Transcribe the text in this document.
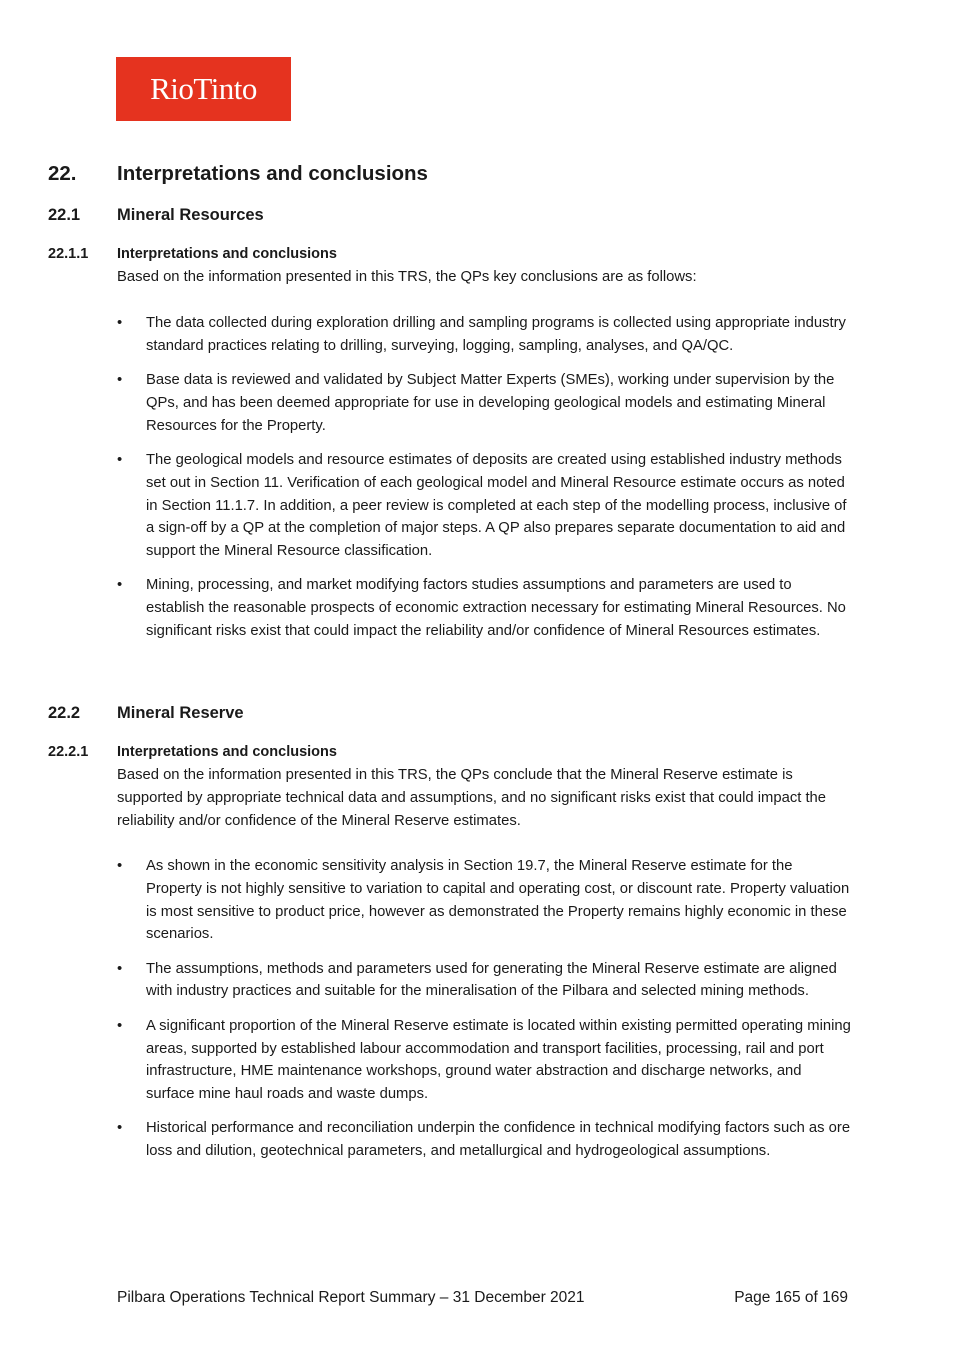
RioTinto
22. Interpretations and conclusions
22.1 Mineral Resources
22.1.1 Interpretations and conclusions

Based on the information presented in this TRS, the QPs key conclusions are as follows:

• The data collected during exploration drilling and sampling programs is collected using appropriate industry standard practices relating to drilling, surveying, logging, sampling, analyses, and QA/QC.
• Base data is reviewed and validated by Subject Matter Experts (SMEs), working under supervision by the QPs, and has been deemed appropriate for use in developing geological models and estimating Mineral Resources for the Property.
• The geological models and resource estimates of deposits are created using established industry methods set out in Section 11. Verification of each geological model and Mineral Resource estimate occurs as noted in Section 11.1.7. In addition, a peer review is completed at each step of the modelling process, inclusive of a sign-off by a QP at the completion of major steps. A QP also prepares separate documentation to aid and support the Mineral Resource classification.
• Mining, processing, and market modifying factors studies assumptions and parameters are used to establish the reasonable prospects of economic extraction necessary for estimating Mineral Resources. No significant risks exist that could impact the reliability and/or confidence of Mineral Resources estimates.
22.2 Mineral Reserve
22.2.1 Interpretations and conclusions

Based on the information presented in this TRS, the QPs conclude that the Mineral Reserve estimate is supported by appropriate technical data and assumptions, and no significant risks exist that could impact the reliability and/or confidence of the Mineral Reserve estimates.

• As shown in the economic sensitivity analysis in Section 19.7, the Mineral Reserve estimate for the Property is not highly sensitive to variation to capital and operating cost, or discount rate. Property valuation is most sensitive to product price, however as demonstrated the Property remains highly economic in these scenarios.
• The assumptions, methods and parameters used for generating the Mineral Reserve estimate are aligned with industry practices and suitable for the mineralisation of the Pilbara and selected mining methods.
• A significant proportion of the Mineral Reserve estimate is located within existing permitted operating mining areas, supported by established labour accommodation and transport facilities, processing, rail and port infrastructure, HME maintenance workshops, ground water abstraction and discharge networks, and surface mine haul roads and waste dumps.
• Historical performance and reconciliation underpin the confidence in technical modifying factors such as ore loss and dilution, geotechnical parameters, and metallurgical and hydrogeological assumptions.
Pilbara Operations Technical Report Summary – 31 December 2021	Page 165 of 169
